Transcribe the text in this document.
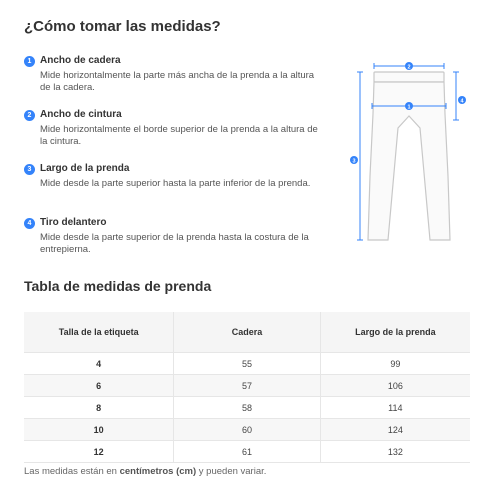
¿Cómo tomar las medidas?
1 Ancho de cadera
Mide horizontalmente la parte más ancha de la prenda a la altura de la cadera.
2 Ancho de cintura
Mide horizontalmente el borde superior de la prenda a la altura de la cintura.
3 Largo de la prenda
Mide desde la parte superior hasta la parte inferior de la prenda.
4 Tiro delantero
Mide desde la parte superior de la prenda hasta la costura de la entrepierna.
2
1
3
4
Tabla de medidas de prenda
Talla de la etiqueta	Cadera	Largo de la prenda
4	55	99
6	57	106
8	58	114
10	60	124
12	61	132
Las medidas están en centímetros (cm) y pueden variar.
